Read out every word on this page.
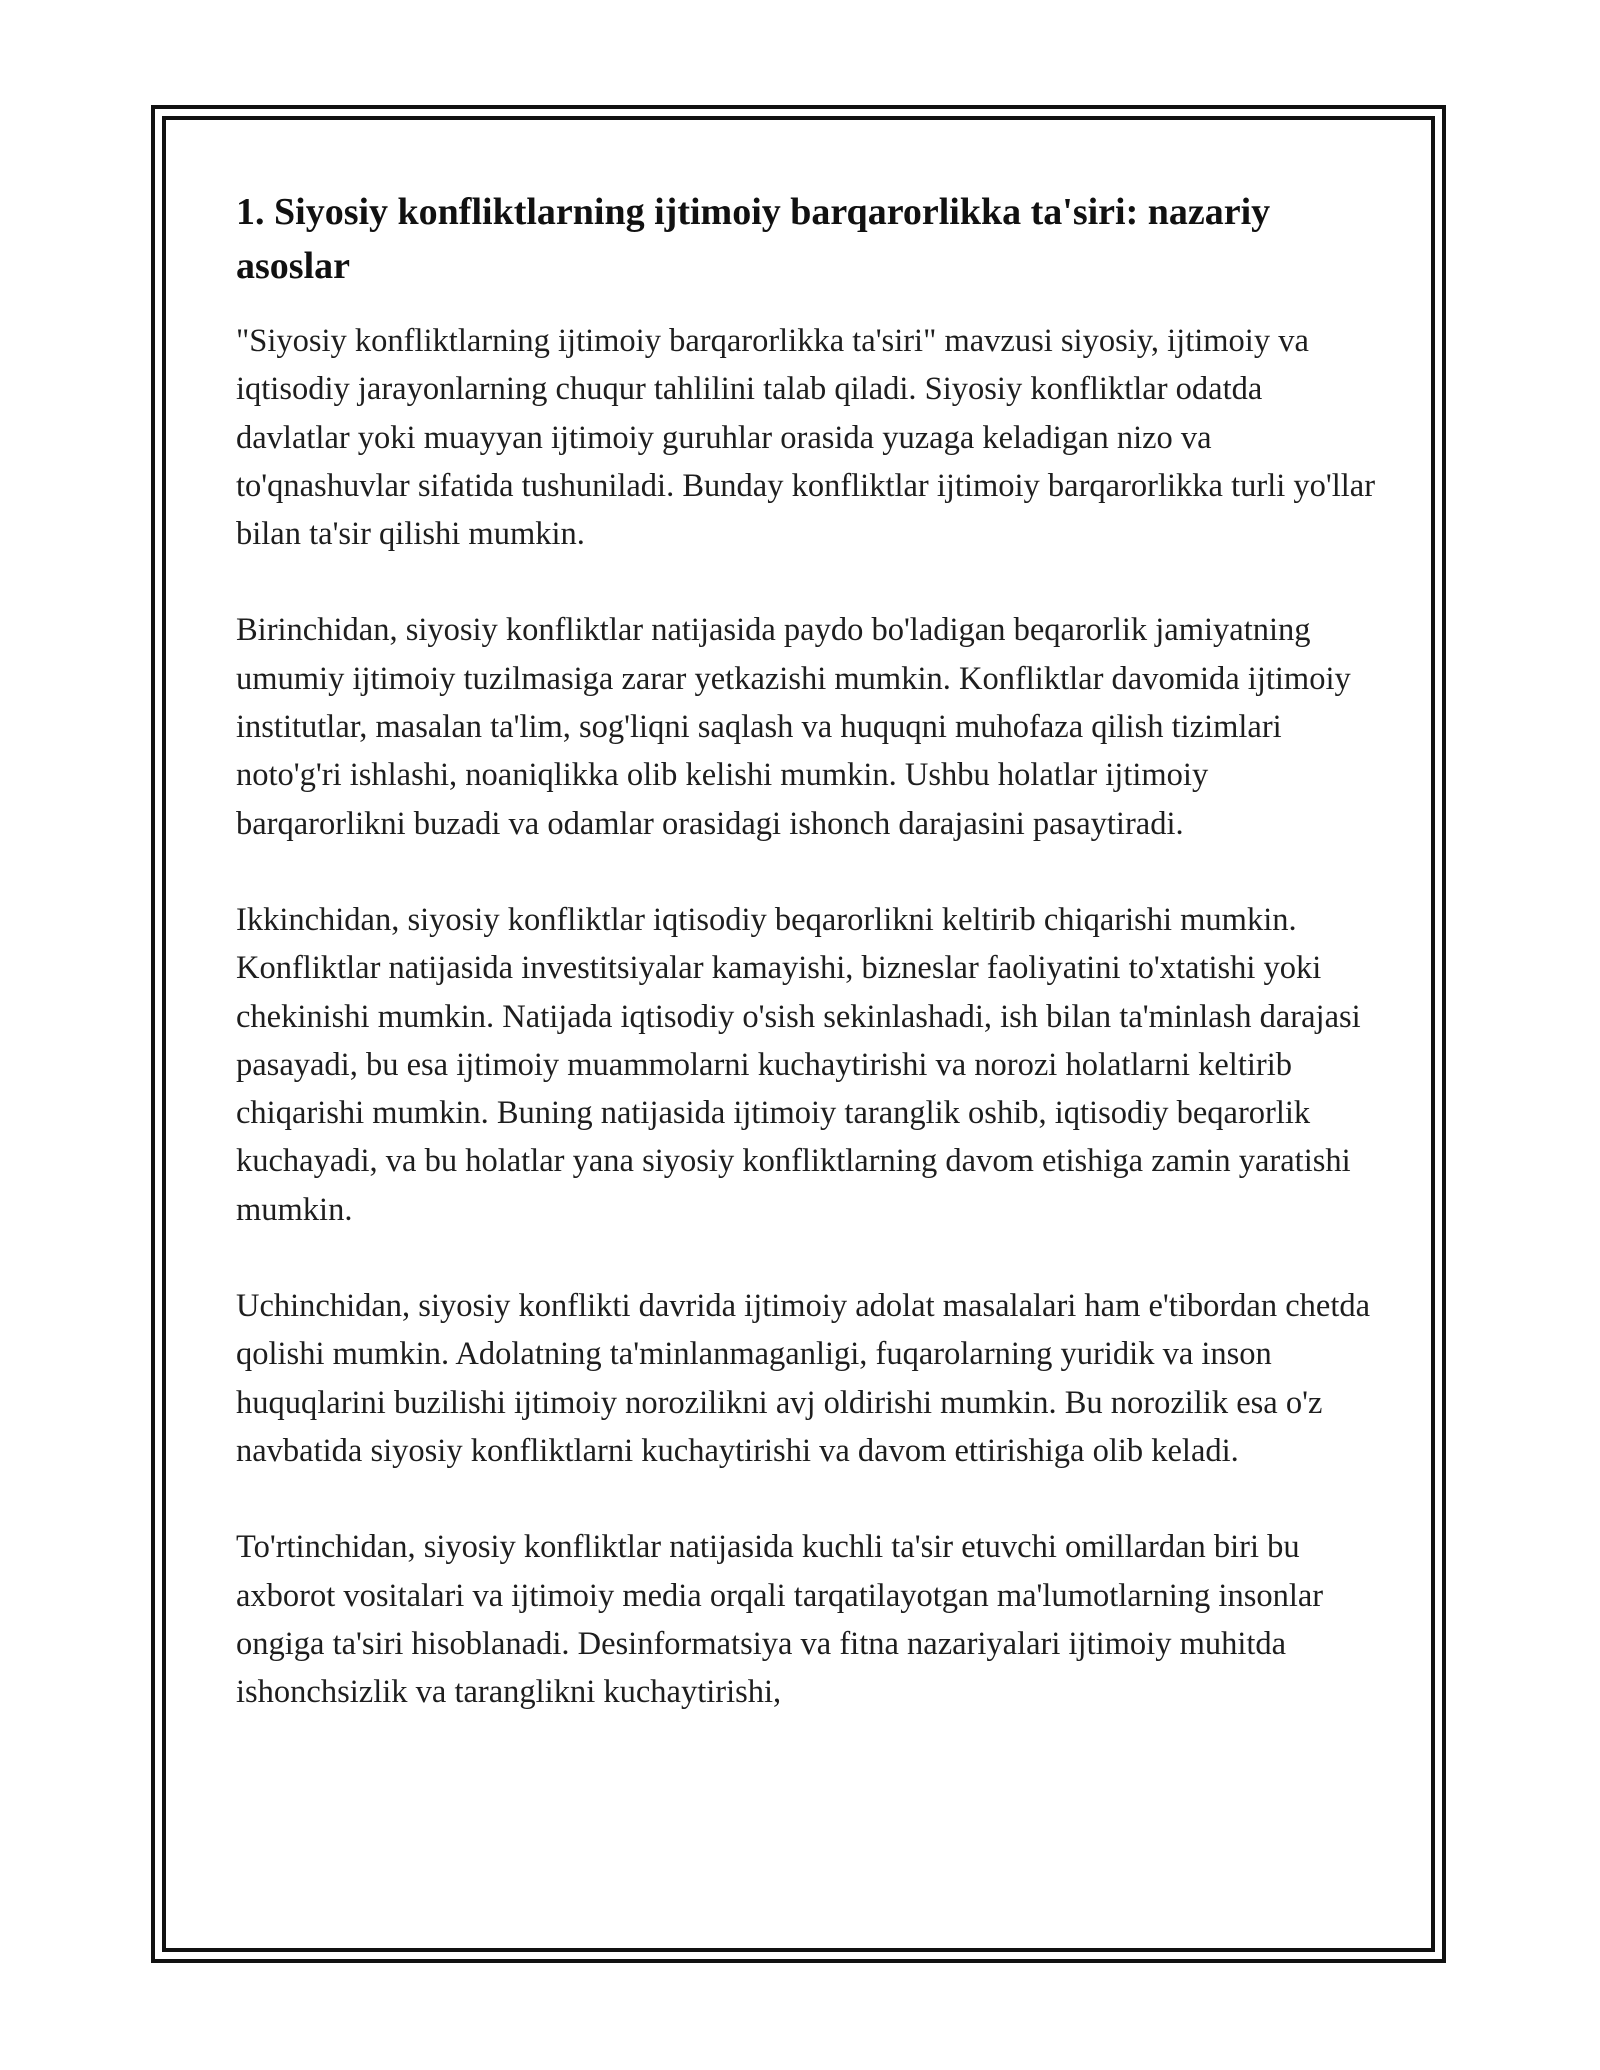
1. Siyosiy konfliktlarning ijtimoiy barqarorlikka ta'siri: nazariy asoslar

"Siyosiy konfliktlarning ijtimoiy barqarorlikka ta'siri" mavzusi siyosiy, ijtimoiy va iqtisodiy jarayonlarning chuqur tahlilini talab qiladi. Siyosiy konfliktlar odatda davlatlar yoki muayyan ijtimoiy guruhlar orasida yuzaga keladigan nizo va to'qnashuvlar sifatida tushuniladi. Bunday konfliktlar ijtimoiy barqarorlikka turli yo'llar bilan ta'sir qilishi mumkin.

Birinchidan, siyosiy konfliktlar natijasida paydo bo'ladigan beqarorlik jamiyatning umumiy ijtimoiy tuzilmasiga zarar yetkazishi mumkin. Konfliktlar davomida ijtimoiy institutlar, masalan ta'lim, sog'liqni saqlash va huquqni muhofaza qilish tizimlari noto'g'ri ishlashi, noaniqlikka olib kelishi mumkin. Ushbu holatlar ijtimoiy barqarorlikni buzadi va odamlar orasidagi ishonch darajasini pasaytiradi.

Ikkinchidan, siyosiy konfliktlar iqtisodiy beqarorlikni keltirib chiqarishi mumkin. Konfliktlar natijasida investitsiyalar kamayishi, bizneslar faoliyatini to'xtatishi yoki chekinishi mumkin. Natijada iqtisodiy o'sish sekinlashadi, ish bilan ta'minlash darajasi pasayadi, bu esa ijtimoiy muammolarni kuchaytirishi va norozi holatlarni keltirib chiqarishi mumkin. Buning natijasida ijtimoiy taranglik oshib, iqtisodiy beqarorlik kuchayadi, va bu holatlar yana siyosiy konfliktlarning davom etishiga zamin yaratishi mumkin.

Uchinchidan, siyosiy konflikti davrida ijtimoiy adolat masalalari ham e'tibordan chetda qolishi mumkin. Adolatning ta'minlanmaganligi, fuqarolarning yuridik va inson huquqlarini buzilishi ijtimoiy norozilikni avj oldirishi mumkin. Bu norozilik esa o'z navbatida siyosiy konfliktlarni kuchaytirishi va davom ettirishiga olib keladi.

To'rtinchidan, siyosiy konfliktlar natijasida kuchli ta'sir etuvchi omillardan biri bu axborot vositalari va ijtimoiy media orqali tarqatilayotgan ma'lumotlarning insonlar ongiga ta'siri hisoblanadi. Desinformatsiya va fitna nazariyalari ijtimoiy muhitda ishonchsizlik va taranglikni kuchaytirishi,
